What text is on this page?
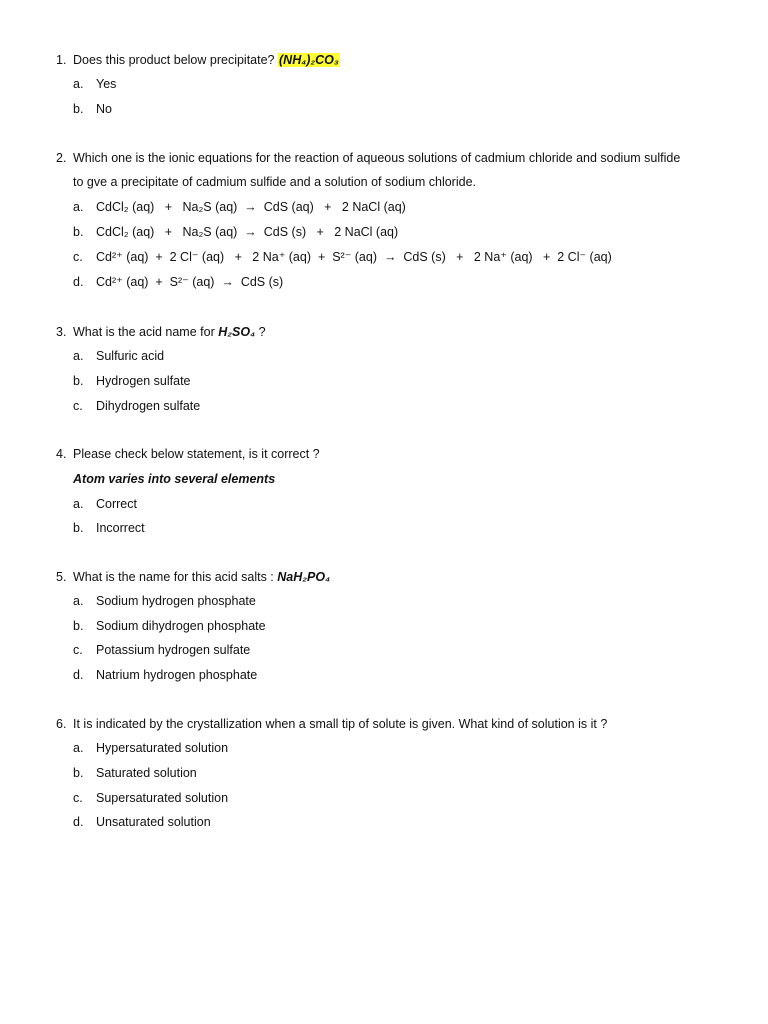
1. Does this product below precipitate? (NH₄)₂CO₃
a. Yes
b. No
2. Which one is the ionic equations for the reaction of aqueous solutions of cadmium chloride and sodium sulfide
to gve a precipitate of cadmium sulfide and a solution of sodium chloride.
a. CdCl₂ (aq)   +   Na₂S (aq)  →  CdS (aq)   +   2 NaCl (aq)
b. CdCl₂ (aq)   +   Na₂S (aq)  →  CdS (s)   +   2 NaCl (aq)
c. Cd²⁺ (aq)  +  2 Cl⁻ (aq)   +   2 Na⁺ (aq)  +  S²⁻ (aq)  →  CdS (s)   +   2 Na⁺ (aq)   +  2 Cl⁻ (aq)
d. Cd²⁺ (aq)  +  S²⁻ (aq)  →  CdS (s)
3. What is the acid name for H₂SO₄ ?
a. Sulfuric acid
b. Hydrogen sulfate
c. Dihydrogen sulfate
4. Please check below statement, is it correct ?
Atom varies into several elements
a. Correct
b. Incorrect
5. What is the name for this acid salts : NaH₂PO₄
a. Sodium hydrogen phosphate
b. Sodium dihydrogen phosphate
c. Potassium hydrogen sulfate
d. Natrium hydrogen phosphate
6. It is indicated by the crystallization when a small tip of solute is given. What kind of solution is it ?
a. Hypersaturated solution
b. Saturated solution
c. Supersaturated solution
d. Unsaturated solution
